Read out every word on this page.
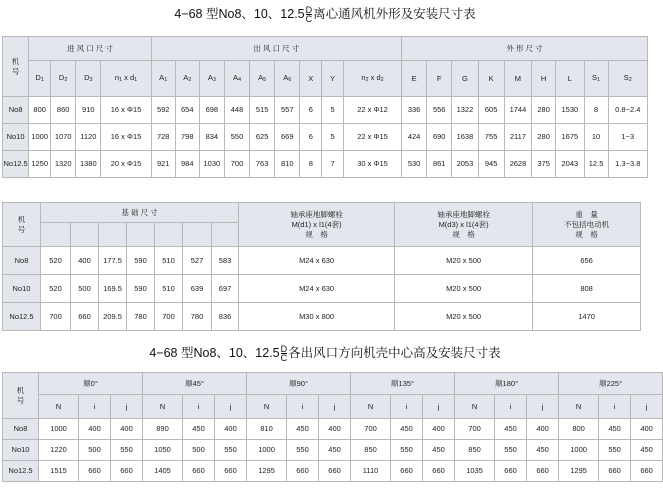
4−68 型No8、10、$12.5 \frac{D}{C}$ 离心通风机外形及安装尺寸表
机
号	进 风 口 尺 寸				出 风 口 尺 寸									外 形 尺 寸								
	D1	D2	D3	n1 x d1	A1	A2	A3	A4	A5	A6	X	Y	n2 x d2	E	F	G	K	M	H	L	S1	S2
No8	800	860	910	16 x Φ15	592	654	698	448	515	557	6	5	22 x Φ12	336	556	1322	605	1744	280	1530	8	0.8~2.4
No10	1000	1070	1120	16 x Φ15	728	798	834	550	625	669	6	5	22 x Φ15	424	690	1638	755	2117	280	1675	10	1~3
No12.5	1250	1320	1380	20 x Φ15	921	984	1030	700	763	810	8	7	30 x Φ15	530	861	2053	945	2628	375	2043	12.5	1.3~3.8
机
号	基 础 尺 寸							轴承座地脚螺栓
M(d1) x l1(4套)
规　格	轴承座地脚螺栓
M(d3) x l1(4套)
规　格	重　量
不包括电动机
规　格

No8	520	400	177.5	590	510	527	583	M24 x 630	M20 x 500	656
No10	520	500	169.5	590	510	639	697	M24 x 630	M20 x 500	808
No12.5	700	660	209.5	780	700	780	836	M30 x 800	M20 x 500	1470
4−68 型No8、10、$12.5 \frac{D}{C}$ 各出风口方向机壳中心高及安装尺寸表
机
号	顺0°			顺45°			顺90°			顺135°			顺180°			顺225°		
	N	i	j	N	i	j	N	i	j	N	i	j	N	i	j	N	i	j
No8	1000	400	400	890	450	400	810	450	400	700	450	400	700	450	400	800	450	400
No10	1220	500	550	1050	500	550	1000	550	450	850	550	450	850	550	450	1000	550	450
No12.5	1515	660	660	1405	660	660	1295	660	660	1110	660	660	1035	660	660	1295	660	660
